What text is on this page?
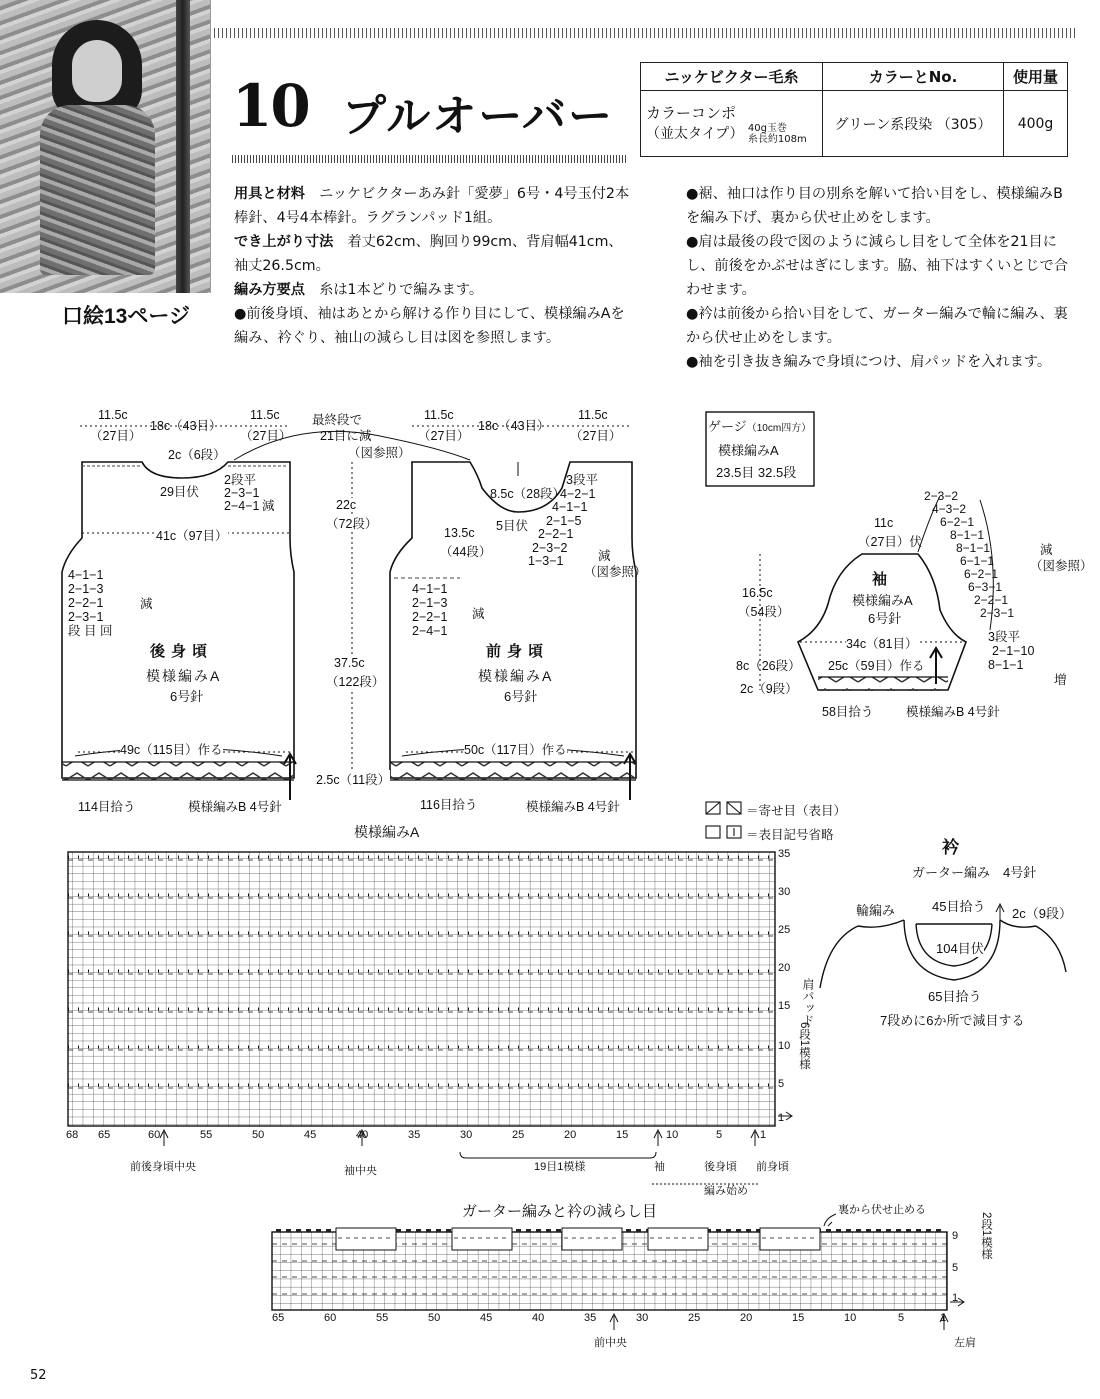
口絵13ページ
10 プルオーバー
ニッケビクター毛糸	カラーとNo.	使用量

カラーコンポ
（並太タイプ） 40g玉巻
糸長約108m	グリーン系段染 （305）	400g

用具と材料　 ニッケビクターあみ針「愛夢」6号・4号玉付2本棒針、4号4本棒針。ラグランパッド1組。

でき上がり寸法　 着丈62cm、胸回り99cm、背肩幅41cm、袖丈26.5cm。

編み方要点　 糸は1本どりで編みます。

●前後身頃、袖はあとから解ける作り目にして、模様編みAを編み、衿ぐり、袖山の減らし目は図を参照します。

●裾、袖口は作り目の別糸を解いて拾い目をし、模様編みBを編み下げ、裏から伏せ止めをします。

●肩は最後の段で図のように減らし目をして全体を21目にし、前後をかぶせはぎにします。脇、袖下はすくいとじで合わせます。

●衿は前後から拾い目をして、ガーター編みで輪に編み、裏から伏せ止めをします。

●袖を引き抜き編みで身頃につけ、肩パッドを入れます。

11.5c
（27目）
18c（43目）
11.5c
（27目）
2c（6段）
29目伏
2段平
2−3−1
2−4−1 減
41c（97目）
4−1−1
2−1−3
2−2−1
2−3−1
段 目 回
減
後身頃
模様編みA
6号針
49c（115目）作る
114目拾う	模様編みB 4号針
最終段で
21目に減
（図参照）
22c
（72段）
37.5c
（122段）
2.5c（11段）
11.5c
（27目）
18c（43目）
11.5c
（27目）
8.5c（28段）
5目伏
3段平
4−2−1
4−1−1
2−1−5
2−2−1
2−3−2
1−3−1	減
（図参照）
13.5c
（44段）
4−1−1
2−1−3
2−2−1
2−4−1
減
前身頃
模様編みA
6号針
50c（117目）作る
116目拾う	模様編みB 4号針
ゲージ（10cm四方）
模様編みA
23.5目 32.5段
11c
（27目）伏
2−3−2
4−3−2
6−2−1
8−1−1
8−1−1
6−1−1
6−2−1
6−3−1
2−2−1
2−3−1
減
（図参照）
袖
模様編みA
6号針
16.5c
（54段）
34c（81目）
8c（26段） 25c（59目）作る
3段平
2−1−10
8−1−1
増
2c（9段）
58目拾う	模様編みB 4号針
＝寄せ目（表目）
＝表目記号省略
模様編みA
35
30
25
20
15
10
5
1
6段1模様
68 65	60	55	50	45	40	35	30	25	20	15	10	5	1
前後身頃中央	袖中央	19目1模様	袖	後身頃 前身頃
編み始め
衿
ガーター編み　4号針
輪編み	45目拾う 2c（9段）
104目伏
肩パッド	65目拾う
7段めに6か所で減目する
ガーター編みと衿の減らし目	裏から伏せ止める
9
5
1
2段1模様
65	60	55	50	45	40	35	30	25	20	15	10	5	1
前中央	左肩
52
